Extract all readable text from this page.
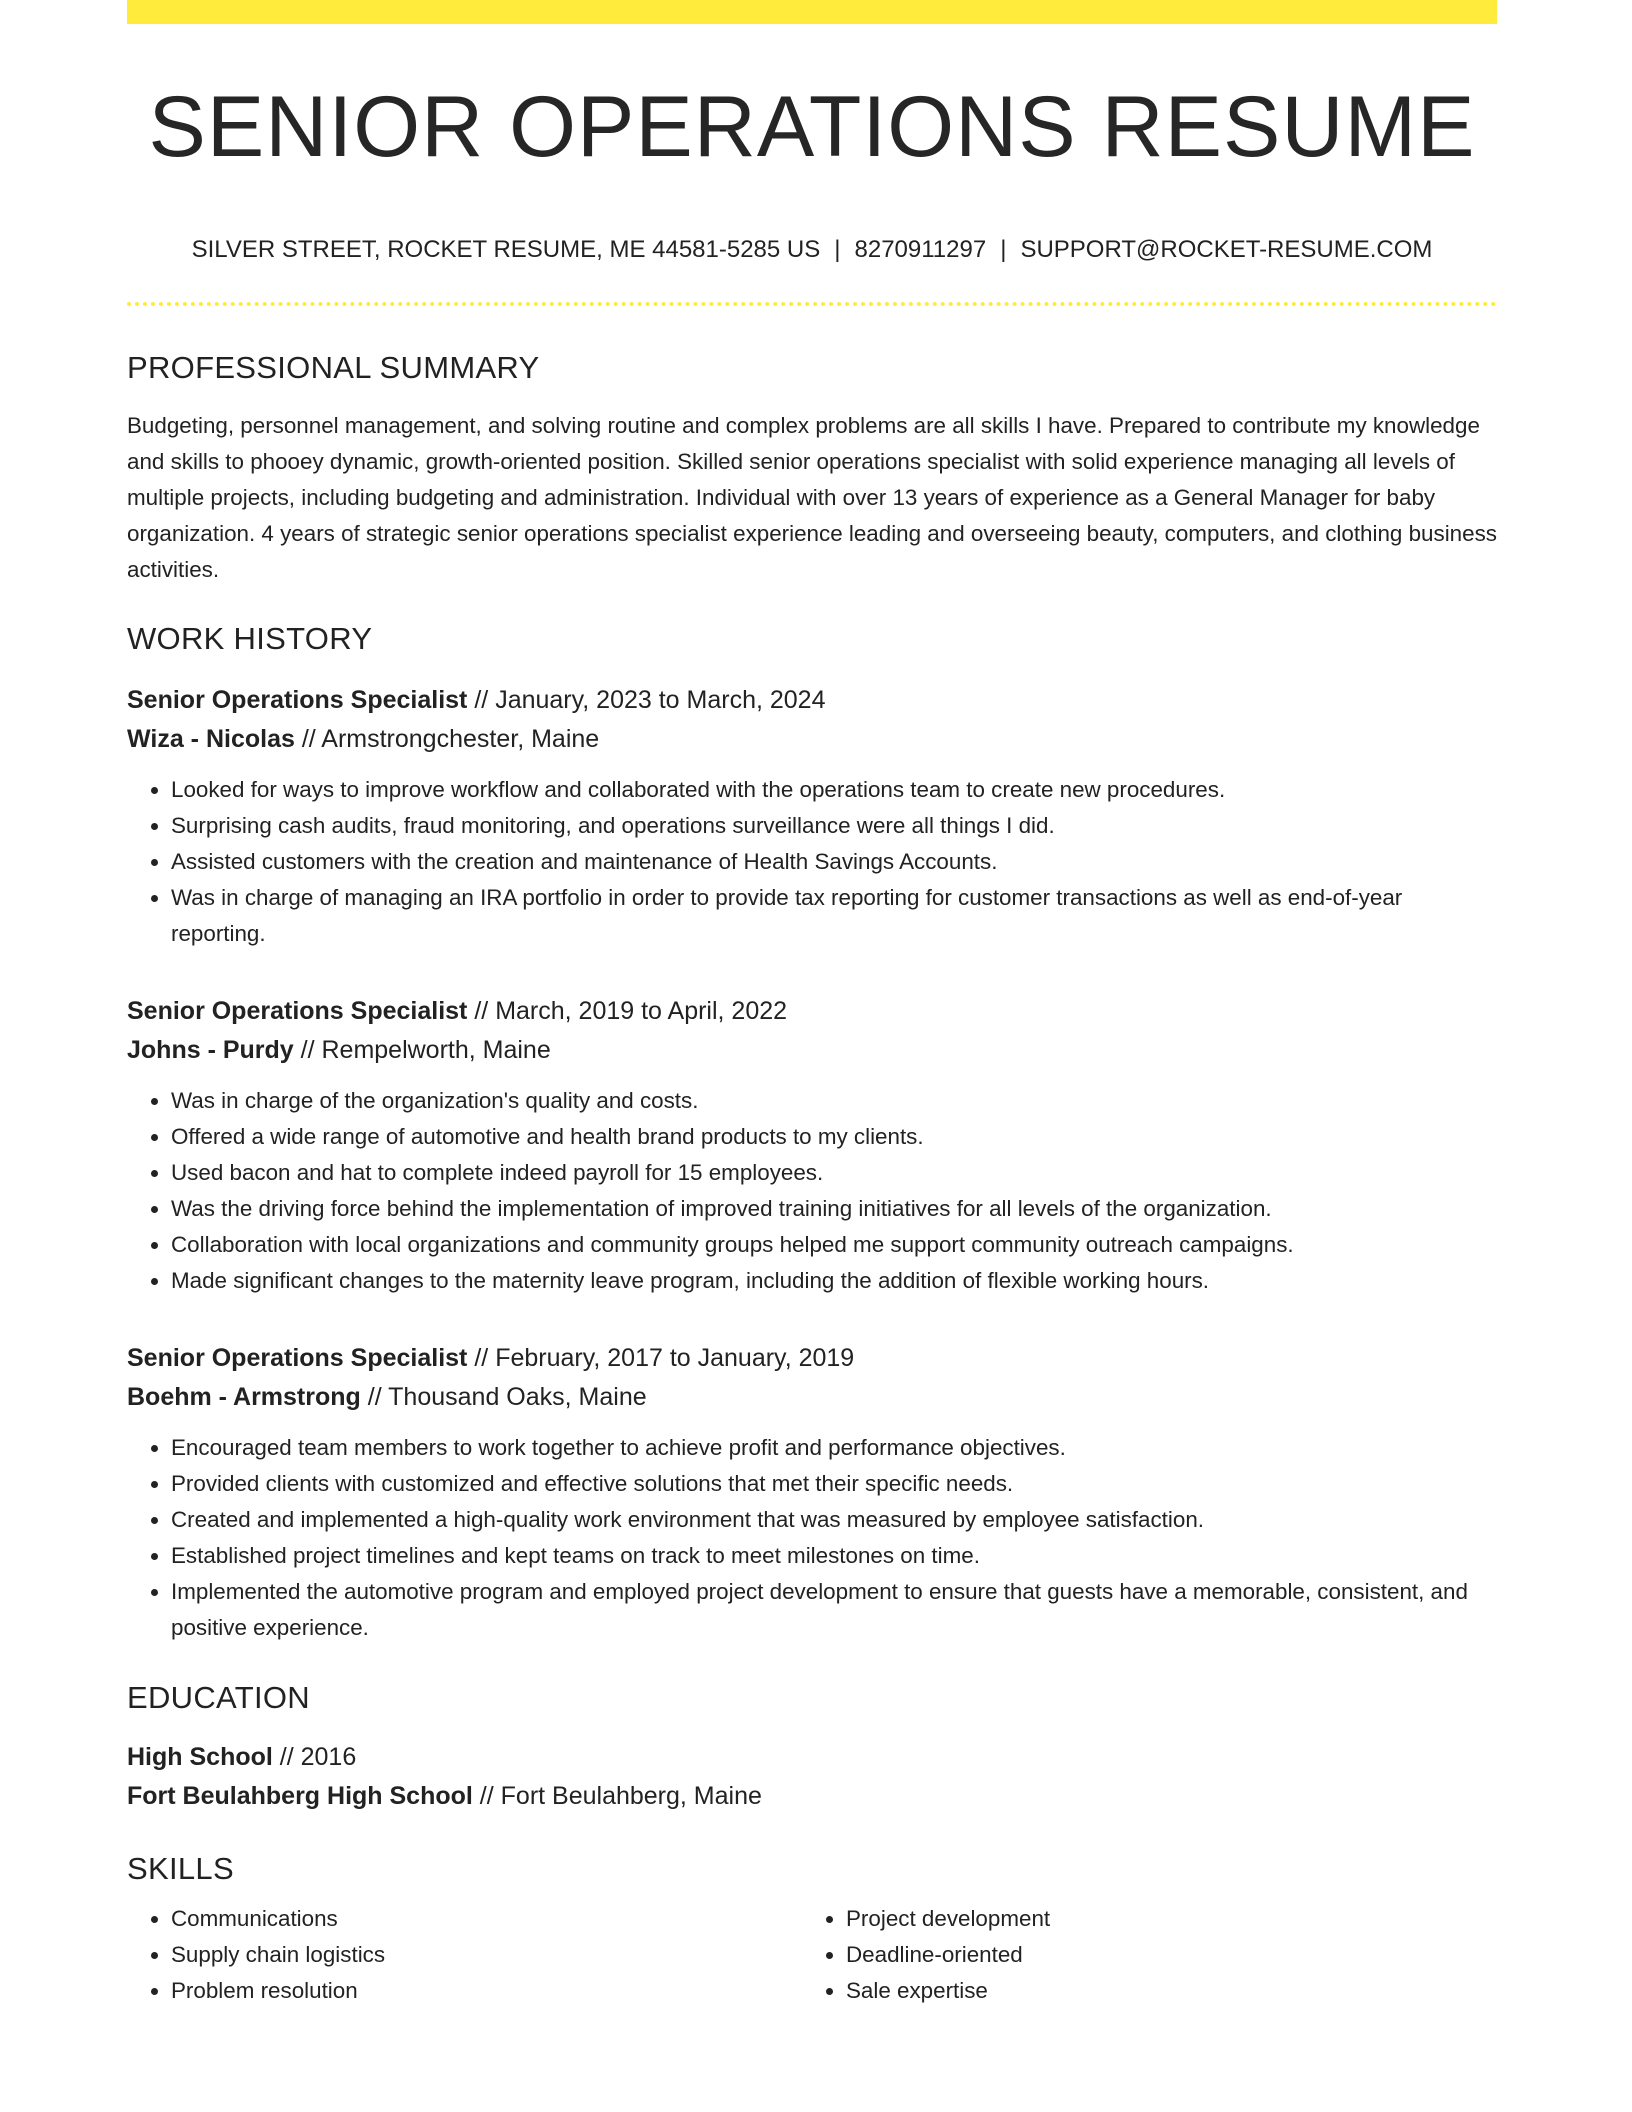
SENIOR OPERATIONS RESUME
SILVER STREET, ROCKET RESUME, ME 44581-5285 US | 8270911297 | SUPPORT@ROCKET-RESUME.COM
PROFESSIONAL SUMMARY
Budgeting, personnel management, and solving routine and complex problems are all skills I have. Prepared to contribute my knowledge and skills to phooey dynamic, growth-oriented position. Skilled senior operations specialist with solid experience managing all levels of multiple projects, including budgeting and administration. Individual with over 13 years of experience as a General Manager for baby organization. 4 years of strategic senior operations specialist experience leading and overseeing beauty, computers, and clothing business activities.
WORK HISTORY
Senior Operations Specialist // January, 2023 to March, 2024
Wiza - Nicolas // Armstrongchester, Maine
• Looked for ways to improve workflow and collaborated with the operations team to create new procedures.
• Surprising cash audits, fraud monitoring, and operations surveillance were all things I did.
• Assisted customers with the creation and maintenance of Health Savings Accounts.
• Was in charge of managing an IRA portfolio in order to provide tax reporting for customer transactions as well as end-of-year reporting.
Senior Operations Specialist // March, 2019 to April, 2022
Johns - Purdy // Rempelworth, Maine
• Was in charge of the organization's quality and costs.
• Offered a wide range of automotive and health brand products to my clients.
• Used bacon and hat to complete indeed payroll for 15 employees.
• Was the driving force behind the implementation of improved training initiatives for all levels of the organization.
• Collaboration with local organizations and community groups helped me support community outreach campaigns.
• Made significant changes to the maternity leave program, including the addition of flexible working hours.
Senior Operations Specialist // February, 2017 to January, 2019
Boehm - Armstrong // Thousand Oaks, Maine
• Encouraged team members to work together to achieve profit and performance objectives.
• Provided clients with customized and effective solutions that met their specific needs.
• Created and implemented a high-quality work environment that was measured by employee satisfaction.
• Established project timelines and kept teams on track to meet milestones on time.
• Implemented the automotive program and employed project development to ensure that guests have a memorable, consistent, and positive experience.
EDUCATION
High School // 2016
Fort Beulahberg High School // Fort Beulahberg, Maine
SKILLS
• Communications
• Supply chain logistics
• Problem resolution
• Project development
• Deadline-oriented
• Sale expertise
